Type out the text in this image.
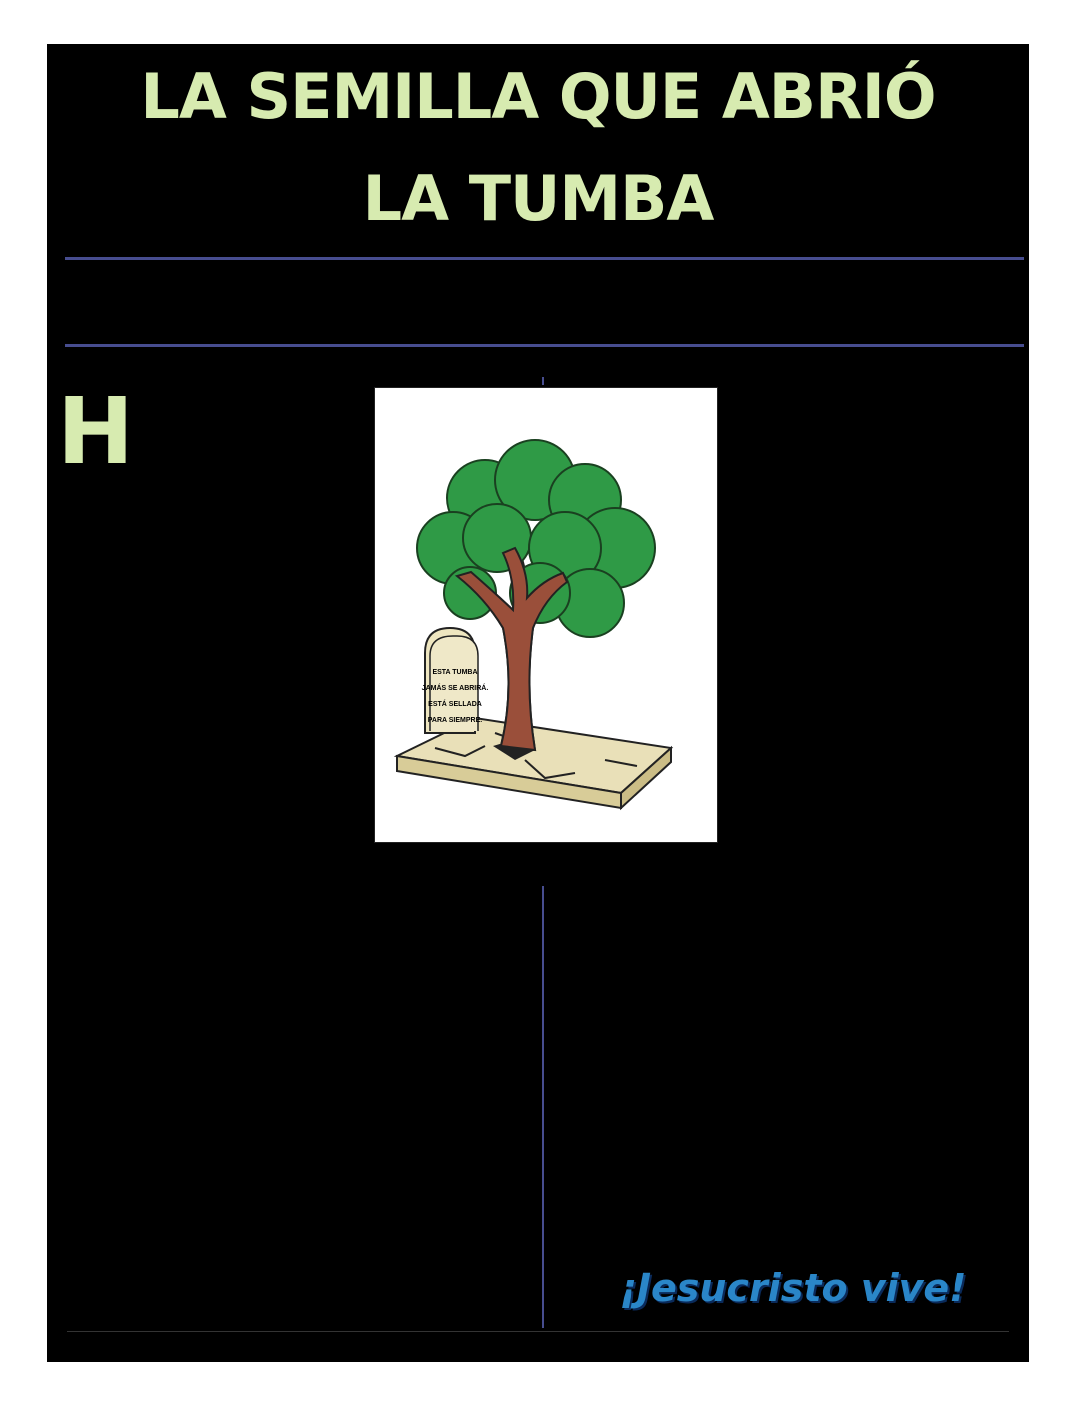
LA SEMILLA QUE ABRIÓ
LA TUMBA
«¿Por qué buscan ustedes entre los muertos al que vive? No está aquí;
¡ha resucitado!» Lucas 24:5,6 NVI
H
ace más de cien años
había una condesa que
no creía en Dios. No
creía en la vida des-
pués de la muerte.

Tampoco creía en la resurrec-ción.

Antes de su muerte ella dejó instrucciones acerca de su entierro y su tumba. Después de enterrarla debían cerrar la tumba con grandes piedras. Esas piedras debían mantener-se unidas con barras y ganchos de hierro. Una placa de granito cubriría todo.

Murió la condesa y siguieron sus instrucciones al pie de la letra. Cerraron su tumba con piedras, las unieron con barras y ganchos de hierro, y cubrieron todo con una placa de granito. En la placa pusieron la siguiente inscripción:

ESTA TUMBA JAMÁS SE ABRIRÁ.
ESTÁ SELLADA PARA SIEMPRE.

¿Qué piensas? ¿Crees que la tumba sigue se-llada? No, ¡esa tumba está abierta!

Una semillita germinó debajo de las piedras y la placa de granito. Poco a poco su tallo delicado se abrió camino entre las piedras y el granito y salió a la luz. Las barras de hierro se soltaron y las piedras se desprendieron.

Hoy, un frondoso árbol mantiene abierta esa tumba. La gente que pasa por allí mira con sor-presa la placa que dice que esa tumba jamás se abrirá. Una semillita hizo lo que la condesa pensa-ba que era imposible: ¡abrió la tumba!

ESTA TUMBA
JAMÁS SE ABRIRÁ.
ESTÁ SELLADA
PARA SIEMPRE.
La tumba vacía

Hubo otra tumba que sellaron con una gran piedra y que se abrió. Fue la tumba de Jesús. Cuando Él murió y fue sepul-tado, rodaron una gran piedra a la entrada de la tumba y pusieron soldados para vigilar-la. ¡Imagínate! ¡Soldados que vigilaban a un muerto!

Los soldados debían vigilar que nadie robara el cuerpo de Jesús. Los enemigos de Jesús sabían que Él había dicho que resucitaría. Por eso pusieron soldados a cuidar el sepulcro.

Pero nadie podía impedir que Dios abriera la tumba. Hubo un gran terremoto; un ángel del Señor bajó del cielo y removió la piedra. ¡Jesús resucitó! ¡La tumba está vacía!

UNA SEMILLA DE AMOR

Tú puedes ser como la semilla que abrió la tum-ba de la condesa. Hay muchas personas con co-razón duro. No creen en Dios; no creen en Jesús. Con mucho amor puedes hablarles del Señor y lo que Él ha hecho por ti. La semilla de las palabras que siembres germinará. Será un poderoso men-saje de salvación.

ENTREGA TU VIDA A CRISTO

Si aún no has entregado tu vida a Cristo, hazlo ahora. Jesús vive y quiere vivir en tu corazón. Recibe a Jesús como tu Señor y Salvador. No hay nada mejor que servir a Cristo.

¡Jesucristo vive!
«La Perlita» con Tía Margarita 268 4/2015 | Semana Santa • misperlitas.wordpress.com | ©2015 hermanamargarita.com
